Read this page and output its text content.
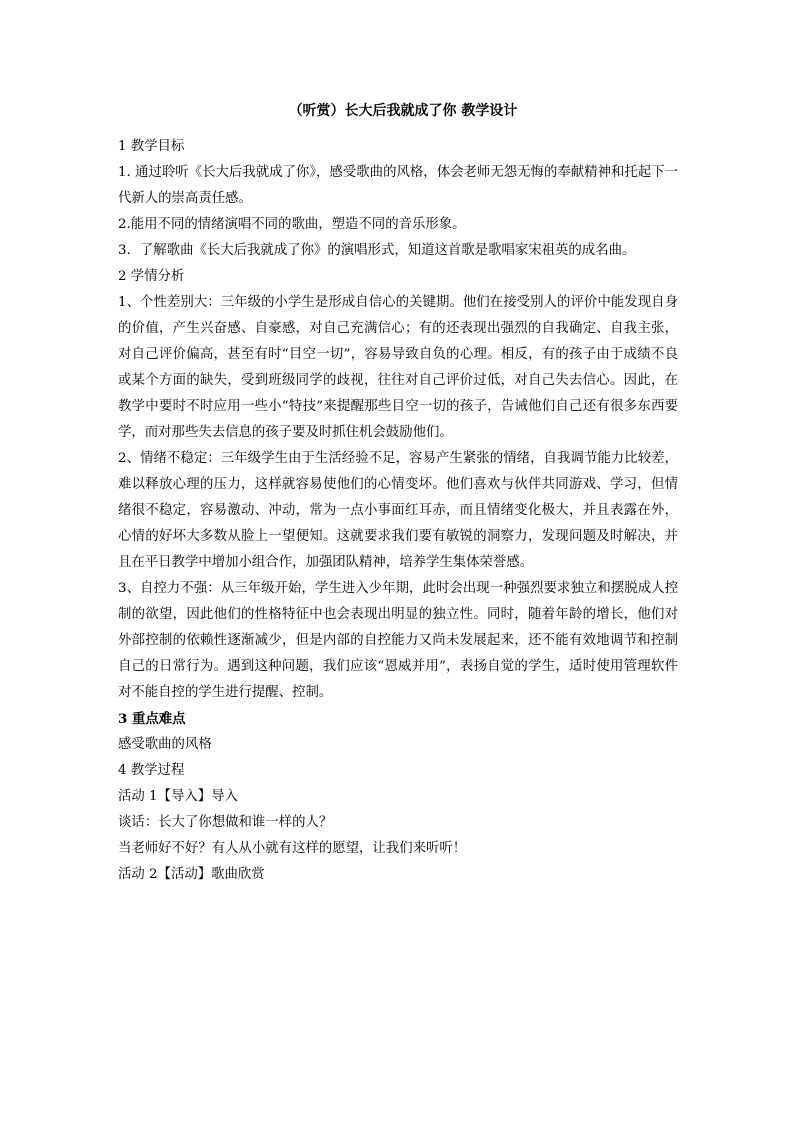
（听赏）长大后我就成了你 教学设计

1 教学目标

1. 通过聆听《长大后我就成了你》，感受歌曲的风格，体会老师无怨无悔的奉献精神和托起下一代新人的崇高责任感。

2.能用不同的情绪演唱不同的歌曲，塑造不同的音乐形象。

3．了解歌曲《长大后我就成了你》的演唱形式，知道这首歌是歌唱家宋祖英的成名曲。

2 学情分析

1、个性差别大：三年级的小学生是形成自信心的关键期。他们在接受别人的评价中能发现自身的价值，产生兴奋感、自豪感，对自己充满信心；有的还表现出强烈的自我确定、自我主张，对自己评价偏高，甚至有时“目空一切”，容易导致自负的心理。相反，有的孩子由于成绩不良或某个方面的缺失，受到班级同学的歧视，往往对自己评价过低，对自己失去信心。因此，在教学中要时不时应用一些小“特技”来提醒那些目空一切的孩子，告诫他们自己还有很多东西要学，而对那些失去信息的孩子要及时抓住机会鼓励他们。

2、情绪不稳定：三年级学生由于生活经验不足，容易产生紧张的情绪，自我调节能力比较差，难以释放心理的压力，这样就容易使他们的心情变坏。他们喜欢与伙伴共同游戏、学习，但情绪很不稳定，容易激动、冲动，常为一点小事面红耳赤，而且情绪变化极大，并且表露在外，心情的好坏大多数从脸上一望便知。这就要求我们要有敏锐的洞察力，发现问题及时解决，并且在平日教学中增加小组合作，加强团队精神，培养学生集体荣誉感。

3、自控力不强：从三年级开始，学生进入少年期，此时会出现一种强烈要求独立和摆脱成人控制的欲望，因此他们的性格特征中也会表现出明显的独立性。同时，随着年龄的增长，他们对外部控制的依赖性逐渐减少，但是内部的自控能力又尚未发展起来，还不能有效地调节和控制自己的日常行为。遇到这种问题，我们应该“恩威并用”，表扬自觉的学生，适时使用管理软件对不能自控的学生进行提醒、控制。

3 重点难点

感受歌曲的风格

4 教学过程

活动 1【导入】导入

谈话：长大了你想做和谁一样的人？

当老师好不好？有人从小就有这样的愿望，让我们来听听！

活动 2【活动】歌曲欣赏
